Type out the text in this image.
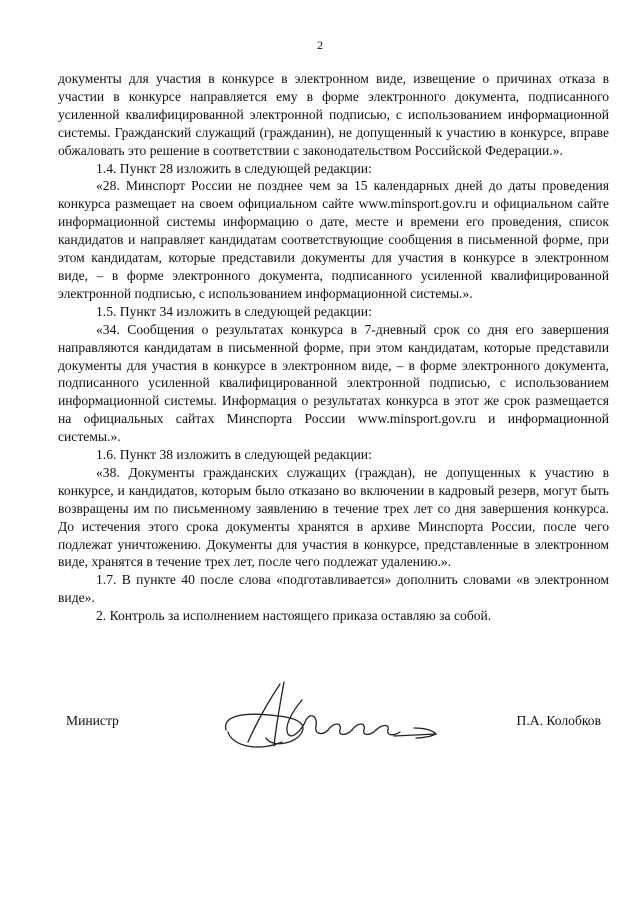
2

документы для участия в конкурсе в электронном виде, извещение о причинах отказа в участии в конкурсе направляется ему в форме электронного документа, подписанного усиленной квалифицированной электронной подписью, с использованием информационной системы. Гражданский служащий (гражданин), не допущенный к участию в конкурсе, вправе обжаловать это решение в соответствии с законодательством Российской Федерации.».

1.4. Пункт 28 изложить в следующей редакции:

«28. Минспорт России не позднее чем за 15 календарных дней до даты проведения конкурса размещает на своем официальном сайте www.minsport.gov.ru и официальном сайте информационной системы информацию о дате, месте и времени его проведения, список кандидатов и направляет кандидатам соответствующие сообщения в письменной форме, при этом кандидатам, которые представили документы для участия в конкурсе в электронном виде, – в форме электронного документа, подписанного усиленной квалифицированной электронной подписью, с использованием информационной системы.».

1.5. Пункт 34 изложить в следующей редакции:

«34. Сообщения о результатах конкурса в 7-дневный срок со дня его завершения направляются кандидатам в письменной форме, при этом кандидатам, которые представили документы для участия в конкурсе в электронном виде, – в форме электронного документа, подписанного усиленной квалифицированной электронной подписью, с использованием информационной системы. Информация о результатах конкурса в этот же срок размещается на официальных сайтах Минспорта России www.minsport.gov.ru и информационной системы.».

1.6. Пункт 38 изложить в следующей редакции:

«38. Документы гражданских служащих (граждан), не допущенных к участию в конкурсе, и кандидатов, которым было отказано во включении в кадровый резерв, могут быть возвращены им по письменному заявлению в течение трех лет со дня завершения конкурса. До истечения этого срока документы хранятся в архиве Минспорта России, после чего подлежат уничтожению. Документы для участия в конкурсе, представленные в электронном виде, хранятся в течение трех лет, после чего подлежат удалению.».

1.7. В пункте 40 после слова «подготавливается» дополнить словами «в электронном виде».

2. Контроль за исполнением настоящего приказа оставляю за собой.

Министр	П.А. Колобков
